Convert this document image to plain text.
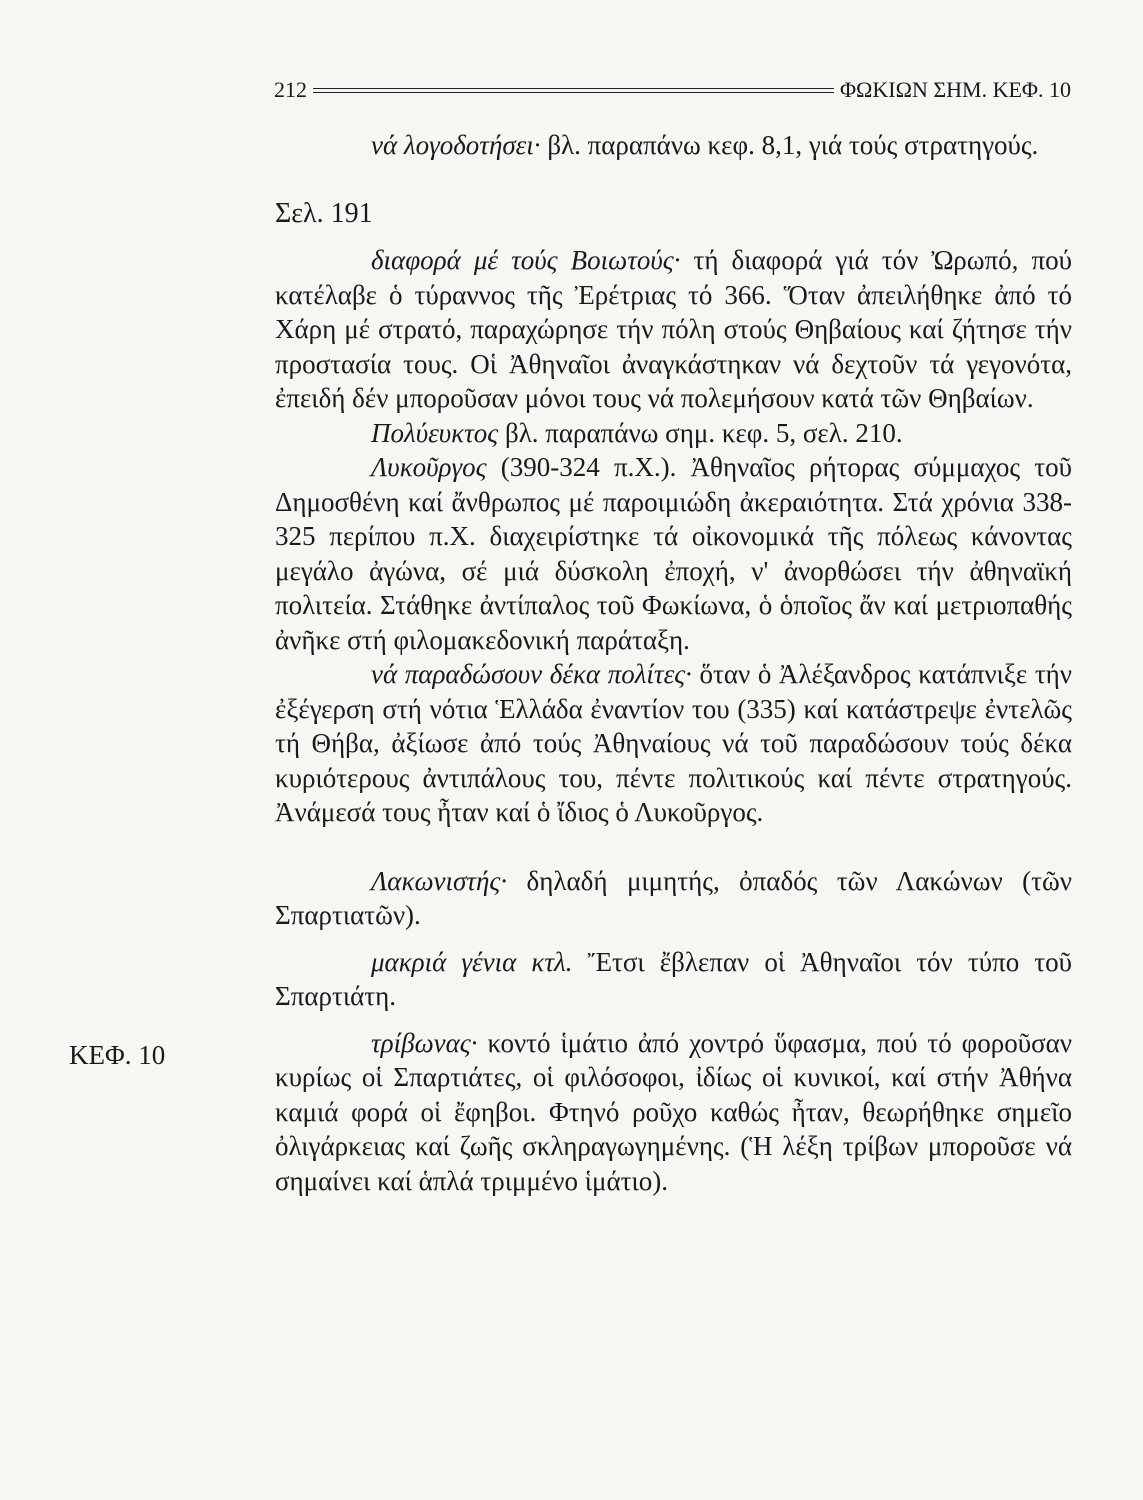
212	ΦΩΚΙΩΝ ΣΗΜ. ΚΕΦ. 10

νά λογοδοτήσει· βλ. παραπάνω κεφ. 8,1, γιά τούς στρατηγούς.

Σελ. 191

διαφορά μέ τούς Βοιωτούς· τή διαφορά γιά τόν Ὠρωπό, πού κατέλαβε ὁ τύραννος τῆς Ἐρέτριας τό 366. Ὅταν ἀπειλήθηκε ἀπό τό Χάρη μέ στρατό, παραχώρησε τήν πόλη στούς Θηβαίους καί ζήτησε τήν προστασία τους. Οἱ Ἀθηναῖοι ἀναγκάστηκαν νά δεχτοῦν τά γεγονότα, ἐπειδή δέν μποροῦσαν μόνοι τους νά πολεμήσουν κατά τῶν Θηβαίων.

Πολύευκτος βλ. παραπάνω σημ. κεφ. 5, σελ. 210.

Λυκοῦργος (390-324 π.Χ.). Ἀθηναῖος ρήτορας σύμμαχος τοῦ Δημοσθένη καί ἄνθρωπος μέ παροιμιώδη ἀκεραιότητα. Στά χρόνια 338-325 περίπου π.Χ. διαχειρίστηκε τά οἰκονομικά τῆς πόλεως κάνοντας μεγάλο ἀγώνα, σέ μιά δύσκολη ἐποχή, ν' ἀνορθώσει τήν ἀθηναϊκή πολιτεία. Στάθηκε ἀντίπαλος τοῦ Φωκίωνα, ὁ ὁποῖος ἄν καί μετριοπαθής ἀνῆκε στή φιλομακεδονική παράταξη.

νά παραδώσουν δέκα πολίτες· ὅταν ὁ Ἀλέξανδρος κατάπνιξε τήν ἐξέγερση στή νότια Ἑλλάδα ἐναντίον του (335) καί κατάστρεψε ἐντελῶς τή Θήβα, ἀξίωσε ἀπό τούς Ἀθηναίους νά τοῦ παραδώσουν τούς δέκα κυριότερους ἀντιπάλους του, πέντε πολιτικούς καί πέντε στρατηγούς. Ἀνάμεσά τους ἦταν καί ὁ ἴδιος ὁ Λυκοῦργος.

Λακωνιστής· δηλαδή μιμητής, ὀπαδός τῶν Λακώνων (τῶν Σπαρτιατῶν).

μακριά γένια κτλ. Ἔτσι ἔβλεπαν οἱ Ἀθηναῖοι τόν τύπο τοῦ Σπαρτιάτη.

τρίβωνας· κοντό ἱμάτιο ἀπό χοντρό ὕφασμα, πού τό φοροῦσαν κυρίως οἱ Σπαρτιάτες, οἱ φιλόσοφοι, ἰδίως οἱ κυνικοί, καί στήν Ἀθήνα καμιά φορά οἱ ἔφηβοι. Φτηνό ροῦχο καθώς ἦταν, θεωρήθηκε σημεῖο ὀλιγάρκειας καί ζωῆς σκληραγωγημένης. (Ἡ λέξη τρίβων μποροῦσε νά σημαίνει καί ἁπλά τριμμένο ἱμάτιο).

ΚΕΦ. 10
